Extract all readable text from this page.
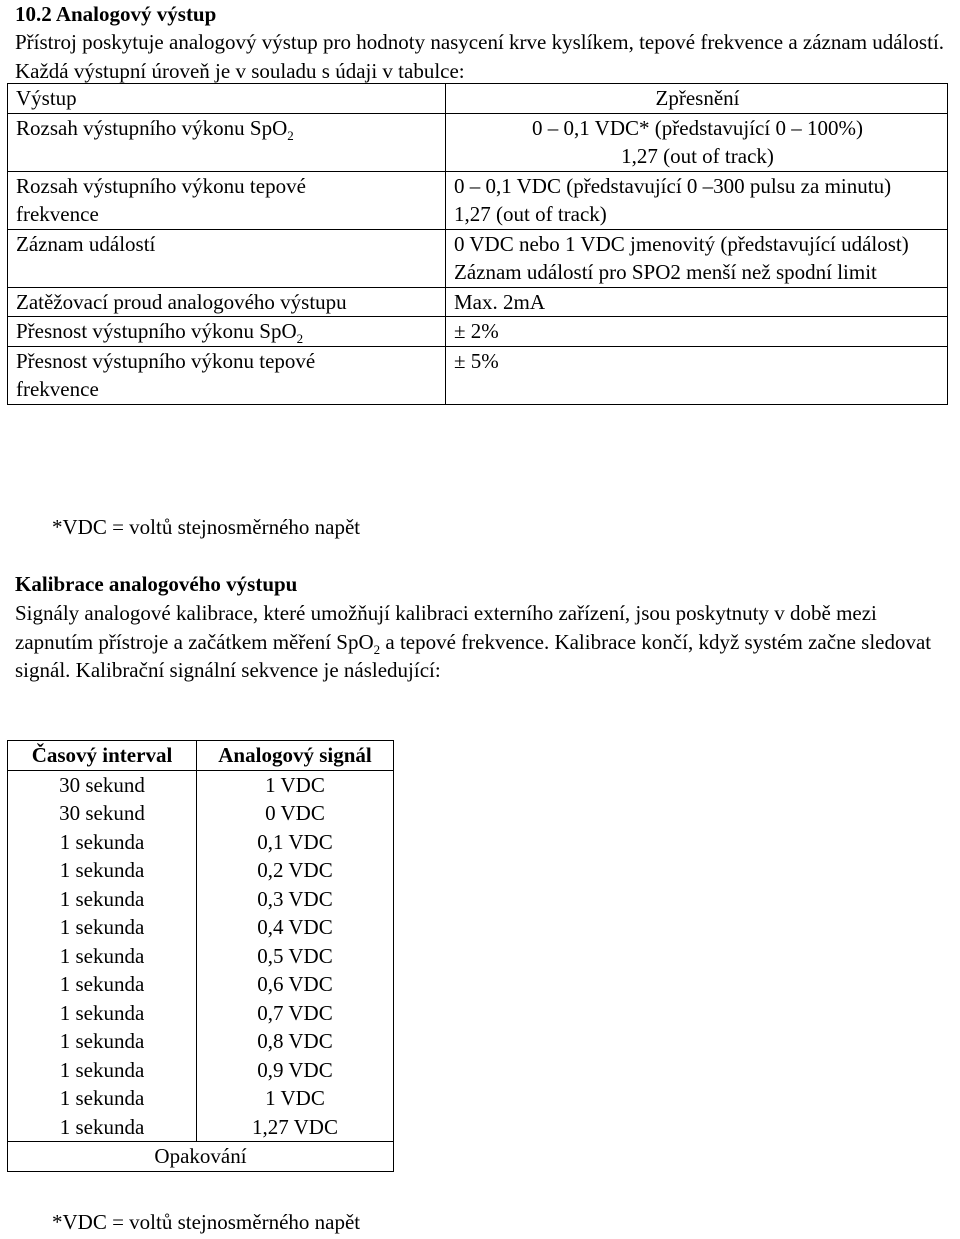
10.2 Analogový výstup
Přístroj poskytuje analogový výstup pro hodnoty nasycení krve kyslíkem, tepové frekvence a záznam událostí. Každá výstupní úroveň je v souladu s údaji v tabulce:
Výstup	Zpřesnění
Rozsah výstupního výkonu SpO$_2$	0 – 0,1 VDC* (představující 0 – 100%)
1,27 (out of track)

Rozsah výstupního výkonu tepové frekvence	0 – 0,1 VDC (představující 0 –300 pulsu za minutu)
1,27 (out of track)

Záznam událostí	0 VDC nebo 1 VDC jmenovitý (představující událost)
Záznam událostí pro SPO2 menší než spodní limit

Zatěžovací proud analogového výstupu	Max. 2mA

Přesnost výstupního výkonu SpO$_2$	± 2%

Přesnost výstupního výkonu tepové frekvence	± 5%
*VDC = voltů stejnosměrného napět
Kalibrace analogového výstupu
Signály analogové kalibrace, které umožňují kalibraci externího zařízení, jsou poskytnuty v době mezi zapnutím přístroje a začátkem měření SpO$_2$ a tepové frekvence. Kalibrace končí, když systém začne sledovat signál. Kalibrační signální sekvence je následující:
Časový interval	Analogový signál
30 sekund	1 VDC
30 sekund	0 VDC
1 sekunda	0,1 VDC
1 sekunda	0,2 VDC
1 sekunda	0,3 VDC
1 sekunda	0,4 VDC
1 sekunda	0,5 VDC
1 sekunda	0,6 VDC
1 sekunda	0,7 VDC
1 sekunda	0,8 VDC
1 sekunda	0,9 VDC
1 sekunda	1 VDC
1 sekunda	1,27 VDC
Opakování	
*VDC = voltů stejnosměrného napět
